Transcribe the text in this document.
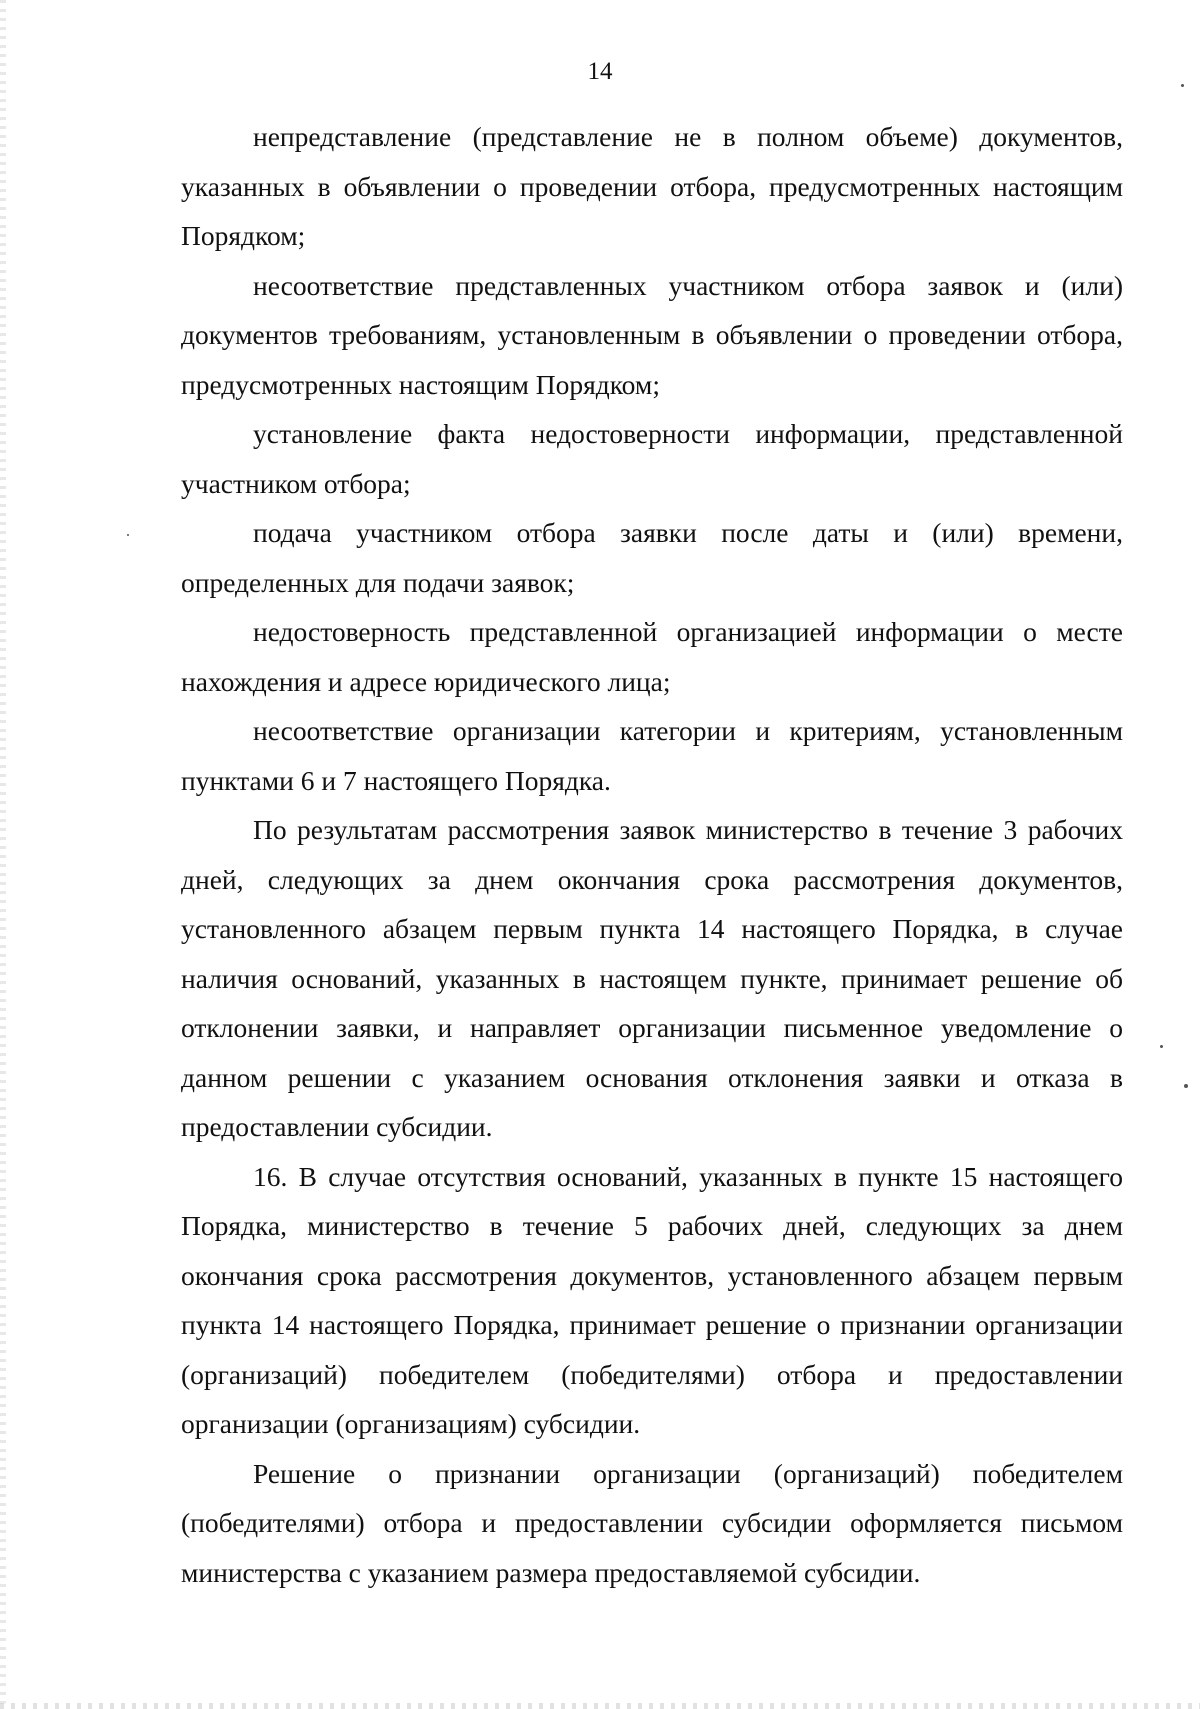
14

непредставление (представление не в полном объеме) документов, указанных в объявлении о проведении отбора, предусмотренных настоящим Порядком;

несоответствие представленных участником отбора заявок и (или) документов требованиям, установленным в объявлении о проведении отбора, предусмотренных настоящим Порядком;

установление факта недостоверности информации, представленной участником отбора;

подача участником отбора заявки после даты и (или) времени, определенных для подачи заявок;

недостоверность представленной организацией информации о месте нахождения и адресе юридического лица;

несоответствие организации категории и критериям, установленным пунктами 6 и 7 настоящего Порядка.

По результатам рассмотрения заявок министерство в течение 3 рабочих дней, следующих за днем окончания срока рассмотрения документов, установленного абзацем первым пункта 14 настоящего Порядка, в случае наличия оснований, указанных в настоящем пункте, принимает решение об отклонении заявки, и направляет организации письменное уведомление о данном решении с указанием основания отклонения заявки и отказа в предоставлении субсидии.

16. В случае отсутствия оснований, указанных в пункте 15 настоящего Порядка, министерство в течение 5 рабочих дней, следующих за днем окончания срока рассмотрения документов, установленного абзацем первым пункта 14 настоящего Порядка, принимает решение о признании организации (организаций) победителем (победителями) отбора и предоставлении организации (организациям) субсидии.

Решение о признании организации (организаций) победителем (победителями) отбора и предоставлении субсидии оформляется письмом министерства с указанием размера предоставляемой субсидии.
